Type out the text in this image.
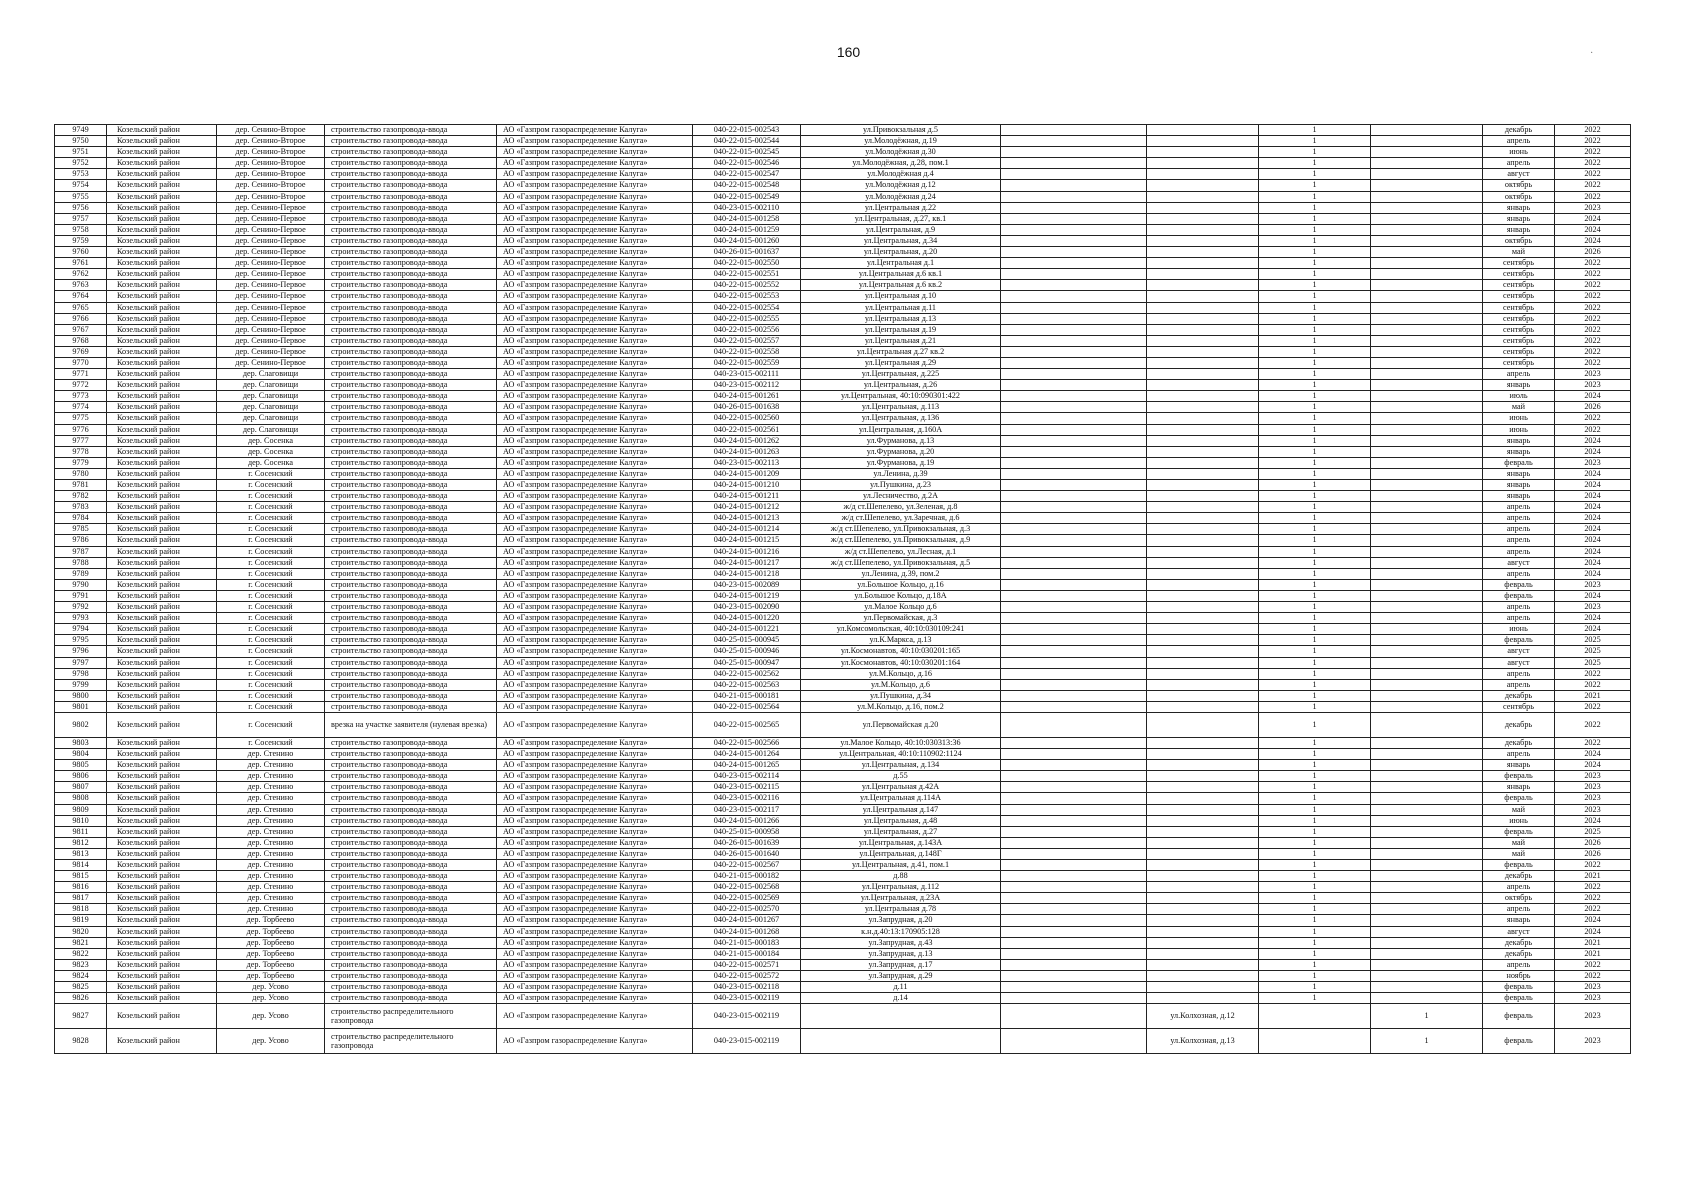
160	·
9749	Козельский район	дер. Сенино-Второе	строительство газопровода-ввода	АО «Газпром газораспределение Калуга»	040-22-015-002543	ул.Привокзальная д.5			1		декабрь	2022
9750	Козельский район	дер. Сенино-Второе	строительство газопровода-ввода	АО «Газпром газораспределение Калуга»	040-22-015-002544	ул.Молодёжная, д.19			1		апрель	2022
9751	Козельский район	дер. Сенино-Второе	строительство газопровода-ввода	АО «Газпром газораспределение Калуга»	040-22-015-002545	ул.Молодёжная д.30			1		июнь	2022
9752	Козельский район	дер. Сенино-Второе	строительство газопровода-ввода	АО «Газпром газораспределение Калуга»	040-22-015-002546	ул.Молодёжная, д.28, пом.1			1		апрель	2022
9753	Козельский район	дер. Сенино-Второе	строительство газопровода-ввода	АО «Газпром газораспределение Калуга»	040-22-015-002547	ул.Молодёжная д.4			1		август	2022
9754	Козельский район	дер. Сенино-Второе	строительство газопровода-ввода	АО «Газпром газораспределение Калуга»	040-22-015-002548	ул.Молодёжная д.12			1		октябрь	2022
9755	Козельский район	дер. Сенино-Второе	строительство газопровода-ввода	АО «Газпром газораспределение Калуга»	040-22-015-002549	ул.Молодёжная д.24			1		октябрь	2022
9756	Козельский район	дер. Сенино-Первое	строительство газопровода-ввода	АО «Газпром газораспределение Калуга»	040-23-015-002110	ул.Центральная д.22			1		январь	2023
9757	Козельский район	дер. Сенино-Первое	строительство газопровода-ввода	АО «Газпром газораспределение Калуга»	040-24-015-001258	ул.Центральная, д.27, кв.1			1		январь	2024
9758	Козельский район	дер. Сенино-Первое	строительство газопровода-ввода	АО «Газпром газораспределение Калуга»	040-24-015-001259	ул.Центральная, д.9			1		январь	2024
9759	Козельский район	дер. Сенино-Первое	строительство газопровода-ввода	АО «Газпром газораспределение Калуга»	040-24-015-001260	ул.Центральная, д.34			1		октябрь	2024
9760	Козельский район	дер. Сенино-Первое	строительство газопровода-ввода	АО «Газпром газораспределение Калуга»	040-26-015-001637	ул.Центральная, д.20			1		май	2026
9761	Козельский район	дер. Сенино-Первое	строительство газопровода-ввода	АО «Газпром газораспределение Калуга»	040-22-015-002550	ул.Центральная д.1			1		сентябрь	2022
9762	Козельский район	дер. Сенино-Первое	строительство газопровода-ввода	АО «Газпром газораспределение Калуга»	040-22-015-002551	ул.Центральная д.6 кв.1			1		сентябрь	2022
9763	Козельский район	дер. Сенино-Первое	строительство газопровода-ввода	АО «Газпром газораспределение Калуга»	040-22-015-002552	ул.Центральная д.6 кв.2			1		сентябрь	2022
9764	Козельский район	дер. Сенино-Первое	строительство газопровода-ввода	АО «Газпром газораспределение Калуга»	040-22-015-002553	ул.Центральная д.10			1		сентябрь	2022
9765	Козельский район	дер. Сенино-Первое	строительство газопровода-ввода	АО «Газпром газораспределение Калуга»	040-22-015-002554	ул.Центральная д.11			1		сентябрь	2022
9766	Козельский район	дер. Сенино-Первое	строительство газопровода-ввода	АО «Газпром газораспределение Калуга»	040-22-015-002555	ул.Центральная д.13			1		сентябрь	2022
9767	Козельский район	дер. Сенино-Первое	строительство газопровода-ввода	АО «Газпром газораспределение Калуга»	040-22-015-002556	ул.Центральная д.19			1		сентябрь	2022
9768	Козельский район	дер. Сенино-Первое	строительство газопровода-ввода	АО «Газпром газораспределение Калуга»	040-22-015-002557	ул.Центральная д.21			1		сентябрь	2022
9769	Козельский район	дер. Сенино-Первое	строительство газопровода-ввода	АО «Газпром газораспределение Калуга»	040-22-015-002558	ул.Центральная д.27 кв.2			1		сентябрь	2022
9770	Козельский район	дер. Сенино-Первое	строительство газопровода-ввода	АО «Газпром газораспределение Калуга»	040-22-015-002559	ул.Центральная д.29			1		сентябрь	2022
9771	Козельский район	дер. Слаговищи	строительство газопровода-ввода	АО «Газпром газораспределение Калуга»	040-23-015-002111	ул.Центральная, д.225			1		апрель	2023
9772	Козельский район	дер. Слаговищи	строительство газопровода-ввода	АО «Газпром газораспределение Калуга»	040-23-015-002112	ул.Центральная, д.26			1		январь	2023
9773	Козельский район	дер. Слаговищи	строительство газопровода-ввода	АО «Газпром газораспределение Калуга»	040-24-015-001261	ул.Центральная, 40:10:090301:422			1		июль	2024
9774	Козельский район	дер. Слаговищи	строительство газопровода-ввода	АО «Газпром газораспределение Калуга»	040-26-015-001638	ул.Центральная, д.113			1		май	2026
9775	Козельский район	дер. Слаговищи	строительство газопровода-ввода	АО «Газпром газораспределение Калуга»	040-22-015-002560	ул.Центральная, д.136			1		июнь	2022
9776	Козельский район	дер. Слаговищи	строительство газопровода-ввода	АО «Газпром газораспределение Калуга»	040-22-015-002561	ул.Центральная, д.160А			1		июнь	2022
9777	Козельский район	дер. Сосенка	строительство газопровода-ввода	АО «Газпром газораспределение Калуга»	040-24-015-001262	ул.Фурманова, д.13			1		январь	2024
9778	Козельский район	дер. Сосенка	строительство газопровода-ввода	АО «Газпром газораспределение Калуга»	040-24-015-001263	ул.Фурманова, д.20			1		январь	2024
9779	Козельский район	дер. Сосенка	строительство газопровода-ввода	АО «Газпром газораспределение Калуга»	040-23-015-002113	ул.Фурманова, д.19			1		февраль	2023
9780	Козельский район	г. Сосенский	строительство газопровода-ввода	АО «Газпром газораспределение Калуга»	040-24-015-001209	ул.Ленина, д.39			1		январь	2024
9781	Козельский район	г. Сосенский	строительство газопровода-ввода	АО «Газпром газораспределение Калуга»	040-24-015-001210	ул.Пушкина, д.23			1		январь	2024
9782	Козельский район	г. Сосенский	строительство газопровода-ввода	АО «Газпром газораспределение Калуга»	040-24-015-001211	ул.Лесничество, д.2А			1		январь	2024
9783	Козельский район	г. Сосенский	строительство газопровода-ввода	АО «Газпром газораспределение Калуга»	040-24-015-001212	ж/д ст.Шепелево, ул.Зеленая, д.8			1		апрель	2024
9784	Козельский район	г. Сосенский	строительство газопровода-ввода	АО «Газпром газораспределение Калуга»	040-24-015-001213	ж/д ст.Шепелево, ул.Заречная, д.6			1		апрель	2024
9785	Козельский район	г. Сосенский	строительство газопровода-ввода	АО «Газпром газораспределение Калуга»	040-24-015-001214	ж/д ст.Шепелево, ул.Привокзальная, д.3			1		апрель	2024
9786	Козельский район	г. Сосенский	строительство газопровода-ввода	АО «Газпром газораспределение Калуга»	040-24-015-001215	ж/д ст.Шепелево, ул.Привокзальная, д.9			1		апрель	2024
9787	Козельский район	г. Сосенский	строительство газопровода-ввода	АО «Газпром газораспределение Калуга»	040-24-015-001216	ж/д ст.Шепелево, ул.Лесная, д.1			1		апрель	2024
9788	Козельский район	г. Сосенский	строительство газопровода-ввода	АО «Газпром газораспределение Калуга»	040-24-015-001217	ж/д ст.Шепелево, ул.Привокзальная, д.5			1		август	2024
9789	Козельский район	г. Сосенский	строительство газопровода-ввода	АО «Газпром газораспределение Калуга»	040-24-015-001218	ул.Ленина, д.39, пом.2			1		апрель	2024
9790	Козельский район	г. Сосенский	строительство газопровода-ввода	АО «Газпром газораспределение Калуга»	040-23-015-002089	ул.Большое Кольцо, д.16			1		февраль	2023
9791	Козельский район	г. Сосенский	строительство газопровода-ввода	АО «Газпром газораспределение Калуга»	040-24-015-001219	ул.Большое Кольцо, д.18А			1		февраль	2024
9792	Козельский район	г. Сосенский	строительство газопровода-ввода	АО «Газпром газораспределение Калуга»	040-23-015-002090	ул.Малое Кольцо д.6			1		апрель	2023
9793	Козельский район	г. Сосенский	строительство газопровода-ввода	АО «Газпром газораспределение Калуга»	040-24-015-001220	ул.Первомайская, д.3			1		апрель	2024
9794	Козельский район	г. Сосенский	строительство газопровода-ввода	АО «Газпром газораспределение Калуга»	040-24-015-001221	ул.Комсомольская, 40:10:030109:241			1		июнь	2024
9795	Козельский район	г. Сосенский	строительство газопровода-ввода	АО «Газпром газораспределение Калуга»	040-25-015-000945	ул.К.Маркса, д.13			1		февраль	2025
9796	Козельский район	г. Сосенский	строительство газопровода-ввода	АО «Газпром газораспределение Калуга»	040-25-015-000946	ул.Космонавтов, 40:10:030201:165			1		август	2025
9797	Козельский район	г. Сосенский	строительство газопровода-ввода	АО «Газпром газораспределение Калуга»	040-25-015-000947	ул.Космонавтов, 40:10:030201:164			1		август	2025
9798	Козельский район	г. Сосенский	строительство газопровода-ввода	АО «Газпром газораспределение Калуга»	040-22-015-002562	ул.М.Кольцо, д.16			1		апрель	2022
9799	Козельский район	г. Сосенский	строительство газопровода-ввода	АО «Газпром газораспределение Калуга»	040-22-015-002563	ул.М.Кольцо, д.6			1		апрель	2022
9800	Козельский район	г. Сосенский	строительство газопровода-ввода	АО «Газпром газораспределение Калуга»	040-21-015-000181	ул.Пушкина, д.34			1		декабрь	2021
9801	Козельский район	г. Сосенский	строительство газопровода-ввода	АО «Газпром газораспределение Калуга»	040-22-015-002564	ул.М.Кольцо, д.16, пом.2			1		сентябрь	2022
9802	Козельский район	г. Сосенский	врезка на участке заявителя (нулевая врезка)	АО «Газпром газораспределение Калуга»	040-22-015-002565	ул.Первомайская д.20			1		декабрь	2022
9803	Козельский район	г. Сосенский	строительство газопровода-ввода	АО «Газпром газораспределение Калуга»	040-22-015-002566	ул.Малое Кольцо, 40:10:030313:36			1		декабрь	2022
9804	Козельский район	дер. Стенино	строительство газопровода-ввода	АО «Газпром газораспределение Калуга»	040-24-015-001264	ул.Центральная, 40:10:110902:1124			1		апрель	2024
9805	Козельский район	дер. Стенино	строительство газопровода-ввода	АО «Газпром газораспределение Калуга»	040-24-015-001265	ул.Центральная, д.134			1		январь	2024
9806	Козельский район	дер. Стенино	строительство газопровода-ввода	АО «Газпром газораспределение Калуга»	040-23-015-002114	д.55			1		февраль	2023
9807	Козельский район	дер. Стенино	строительство газопровода-ввода	АО «Газпром газораспределение Калуга»	040-23-015-002115	ул.Центральная д.42А			1		январь	2023
9808	Козельский район	дер. Стенино	строительство газопровода-ввода	АО «Газпром газораспределение Калуга»	040-23-015-002116	ул.Центральная д.114А			1		февраль	2023
9809	Козельский район	дер. Стенино	строительство газопровода-ввода	АО «Газпром газораспределение Калуга»	040-23-015-002117	ул.Центральная д.147			1		май	2023
9810	Козельский район	дер. Стенино	строительство газопровода-ввода	АО «Газпром газораспределение Калуга»	040-24-015-001266	ул.Центральная, д.48			1		июнь	2024
9811	Козельский район	дер. Стенино	строительство газопровода-ввода	АО «Газпром газораспределение Калуга»	040-25-015-000958	ул.Центральная, д.27			1		февраль	2025
9812	Козельский район	дер. Стенино	строительство газопровода-ввода	АО «Газпром газораспределение Калуга»	040-26-015-001639	ул.Центральная, д.143А			1		май	2026
9813	Козельский район	дер. Стенино	строительство газопровода-ввода	АО «Газпром газораспределение Калуга»	040-26-015-001640	ул.Центральная, д.148Г			1		май	2026
9814	Козельский район	дер. Стенино	строительство газопровода-ввода	АО «Газпром газораспределение Калуга»	040-22-015-002567	ул.Центральная, д.41, пом.1			1		февраль	2022
9815	Козельский район	дер. Стенино	строительство газопровода-ввода	АО «Газпром газораспределение Калуга»	040-21-015-000182	д.88			1		декабрь	2021
9816	Козельский район	дер. Стенино	строительство газопровода-ввода	АО «Газпром газораспределение Калуга»	040-22-015-002568	ул.Центральная, д.112			1		апрель	2022
9817	Козельский район	дер. Стенино	строительство газопровода-ввода	АО «Газпром газораспределение Калуга»	040-22-015-002569	ул.Центральная, д.23А			1		октябрь	2022
9818	Козельский район	дер. Стенино	строительство газопровода-ввода	АО «Газпром газораспределение Калуга»	040-22-015-002570	ул.Центральная д.78			1		апрель	2022
9819	Козельский район	дер. Торбеево	строительство газопровода-ввода	АО «Газпром газораспределение Калуга»	040-24-015-001267	ул.Запрудная, д.20			1		январь	2024
9820	Козельский район	дер. Торбеево	строительство газопровода-ввода	АО «Газпром газораспределение Калуга»	040-24-015-001268	к.н.д.40:13:170905:128			1		август	2024
9821	Козельский район	дер. Торбеево	строительство газопровода-ввода	АО «Газпром газораспределение Калуга»	040-21-015-000183	ул.Запрудная, д.43			1		декабрь	2021
9822	Козельский район	дер. Торбеево	строительство газопровода-ввода	АО «Газпром газораспределение Калуга»	040-21-015-000184	ул.Запрудная, д.13			1		декабрь	2021
9823	Козельский район	дер. Торбеево	строительство газопровода-ввода	АО «Газпром газораспределение Калуга»	040-22-015-002571	ул.Запрудная, д.17			1		апрель	2022
9824	Козельский район	дер. Торбеево	строительство газопровода-ввода	АО «Газпром газораспределение Калуга»	040-22-015-002572	ул.Запрудная, д.29			1		ноябрь	2022
9825	Козельский район	дер. Усово	строительство газопровода-ввода	АО «Газпром газораспределение Калуга»	040-23-015-002118	д.11			1		февраль	2023
9826	Козельский район	дер. Усово	строительство газопровода-ввода	АО «Газпром газораспределение Калуга»	040-23-015-002119	д.14			1		февраль	2023
9827	Козельский район	дер. Усово	строительство распределительного газопровода	АО «Газпром газораспределение Калуга»	040-23-015-002119			ул.Колхозная, д.12		1	февраль	2023
9828	Козельский район	дер. Усово	строительство распределительного газопровода	АО «Газпром газораспределение Калуга»	040-23-015-002119			ул.Колхозная, д.13		1	февраль	2023
